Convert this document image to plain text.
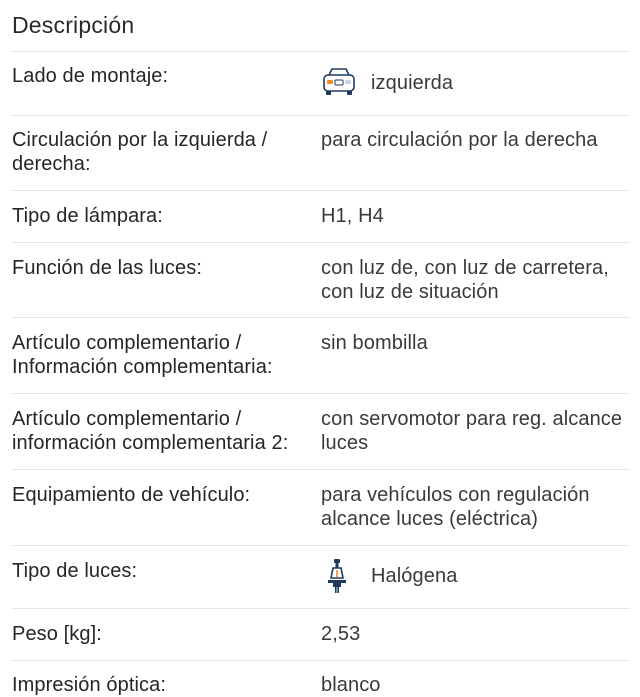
Descripción
Lado de montaje:	izquierda
Circulación por la izquierda / derecha:
para circulación por la derecha
Tipo de lámpara:	H1, H4
Función de las luces:	con luz de, con luz de carretera, con luz de situación
Artículo complementario / Información complementaria:
sin bombilla
Artículo complementario / información complementaria 2:
con servomotor para reg. alcance luces
Equipamiento de vehículo:	para vehículos con regulación alcance luces (eléctrica)
Tipo de luces:	Halógena
Peso [kg]:	2,53
Impresión óptica:	blanco
